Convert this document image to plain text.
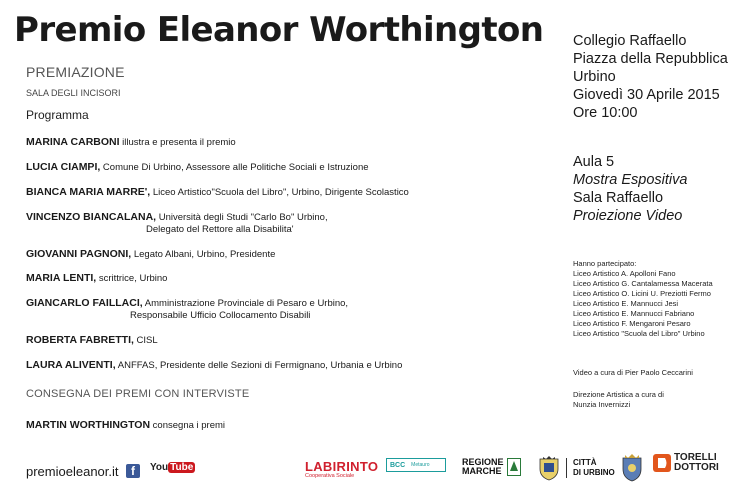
Premio Eleanor Worthington
PREMIAZIONE
SALA DEGLI INCISORI
Programma
MARINA CARBONI illustra e presenta il premio
LUCIA CIAMPI, Comune Di Urbino, Assessore alle Politiche Sociali e Istruzione
BIANCA MARIA MARRE', Liceo Artistico"Scuola del Libro", Urbino, Dirigente Scolastico
VINCENZO BIANCALANA, Università degli Studi "Carlo Bo" Urbino,
Delegato del Rettore alla Disabilita'
GIOVANNI PAGNONI, Legato Albani, Urbino, Presidente
MARIA LENTI, scrittrice, Urbino
GIANCARLO FAILLACI, Amministrazione Provinciale di Pesaro e Urbino,
Responsabile Ufficio Collocamento Disabili
ROBERTA FABRETTI, CISL
LAURA ALIVENTI, ANFFAS, Presidente delle Sezioni di Fermignano, Urbania e Urbino
CONSEGNA DEI PREMI CON INTERVISTE
MARTIN WORTHINGTON consegna i premi
Collegio Raffaello
Piazza della Repubblica
Urbino
Giovedì 30 Aprile 2015
Ore 10:00
Aula 5
Mostra Espositiva
Sala Raffaello
Proiezione Video
Hanno partecipato:
Liceo Artistico A. Apolloni Fano
Liceo Artistico G. Cantalamessa Macerata
Liceo Artistico O. Licini U. Preziotti Fermo
Liceo Artistico E. Mannucci Jesi
Liceo Artistico E. Mannucci Fabriano
Liceo Artistico F. Mengaroni Pesaro
Liceo Artistico "Scuola del Libro" Urbino
Video a cura di Pier Paolo Ceccarini
Direzione Artistica a cura di
Nunzia Invernizzi
premioeleanor.it	f	You Tube	LABIRINTO
Cooperativa Sociale
BCC Metauro	REGIONE
MARCHE
CITTÀ
DI URBINO
TORELLI
DOTTORI
